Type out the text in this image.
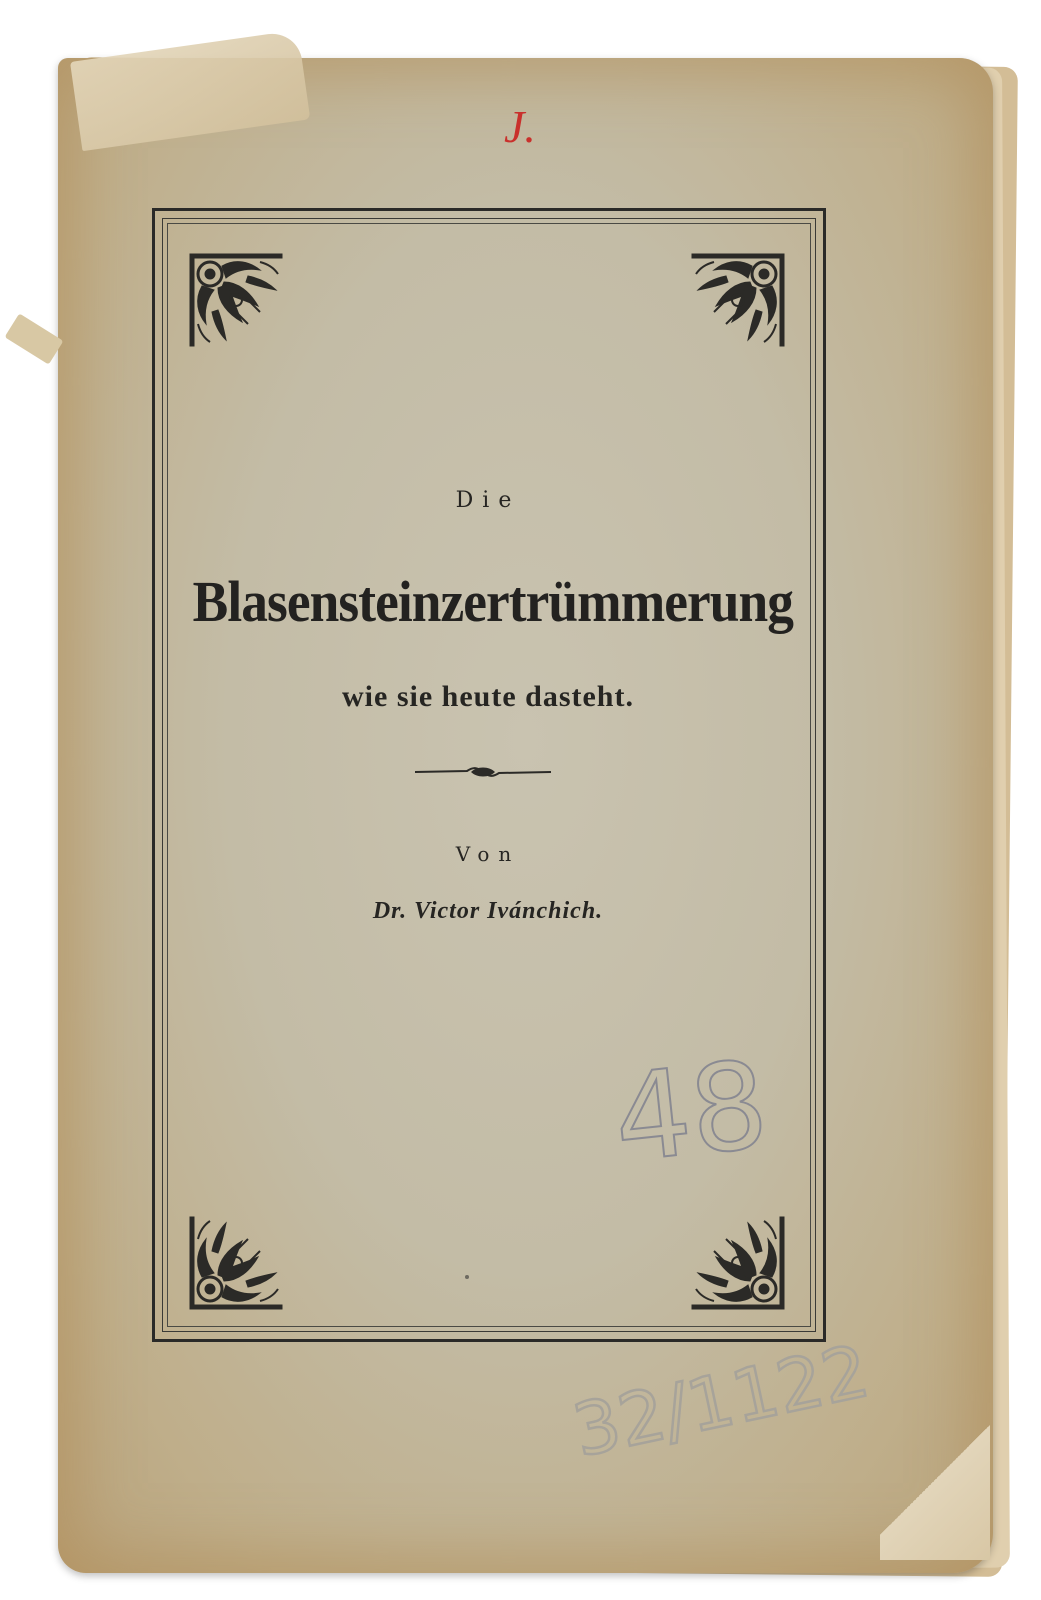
Die
Blasensteinzertrümmerung
wie sie heute dasteht.
Von
Dr. Victor Ivánchich.
J.
48
32/1122
